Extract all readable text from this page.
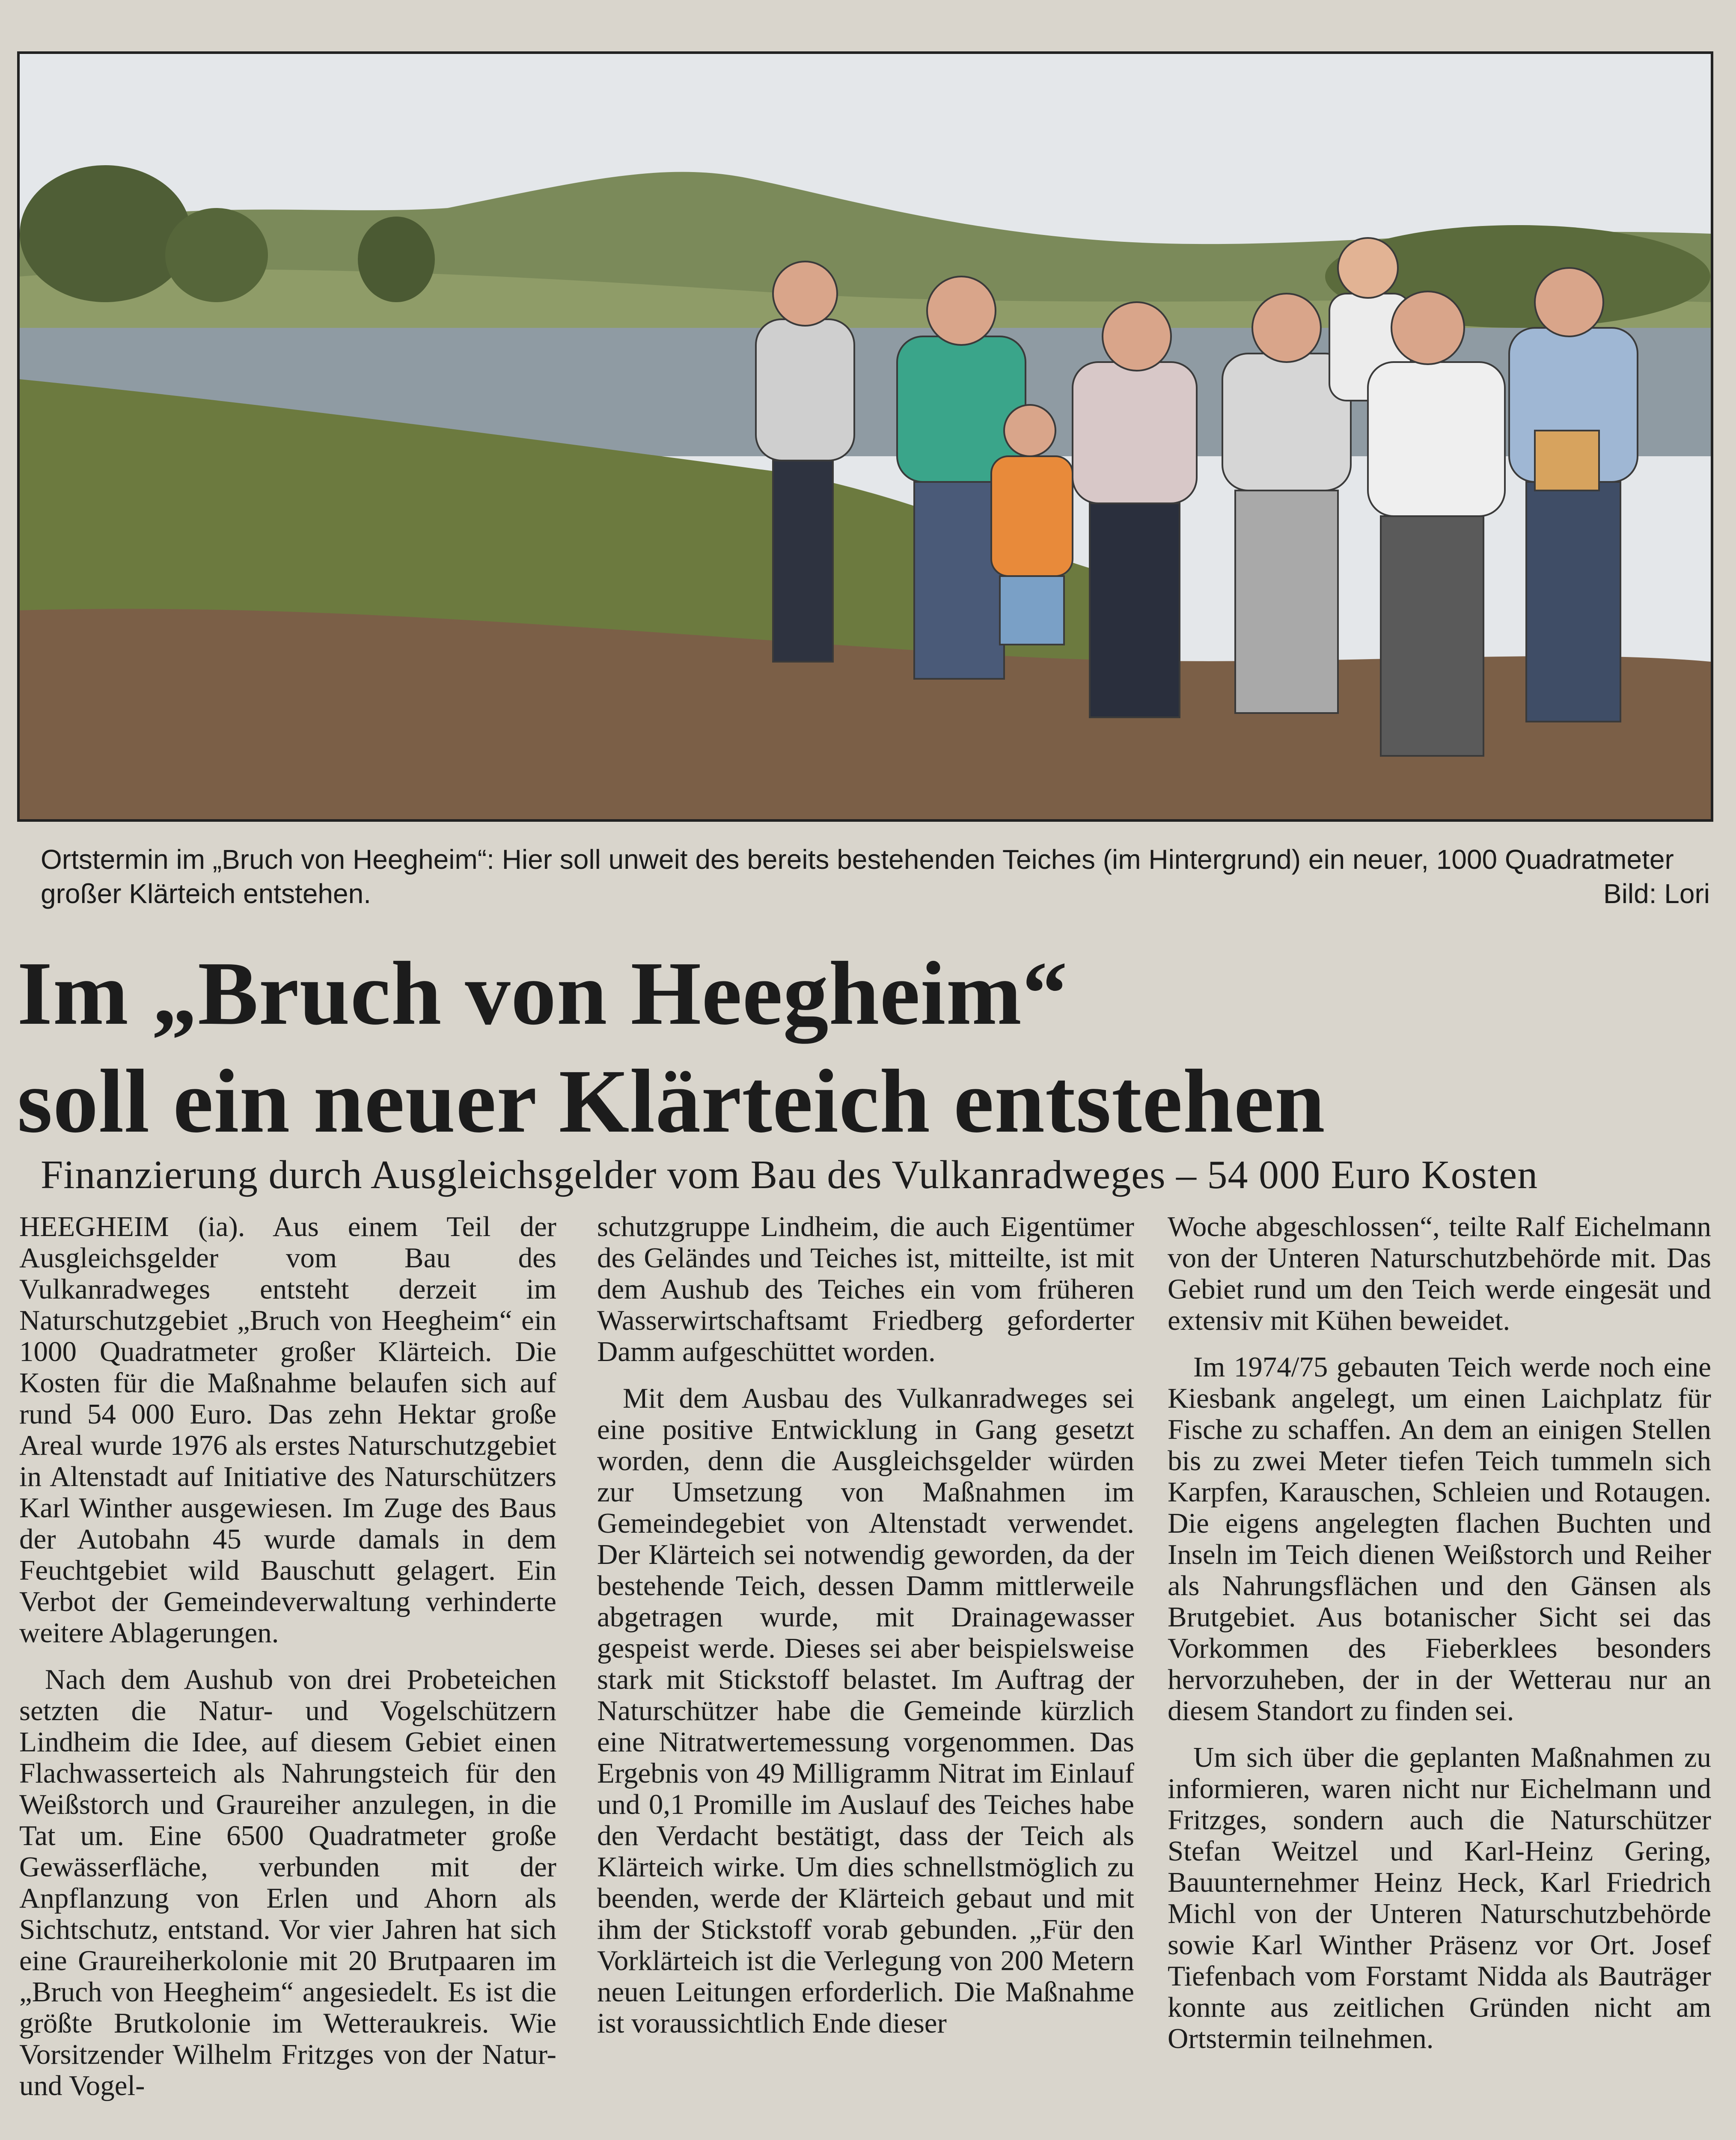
Ortstermin im „Bruch von Heegheim“: Hier soll unweit des bereits bestehenden Teiches (im Hintergrund) ein neuer, 1000 Quadratmeter großer Klärteich entstehen.	Bild: Lori
Im „Bruch von Heegheim“
soll ein neuer Klärteich entstehen
Finanzierung durch Ausgleichsgelder vom Bau des Vulkanradweges – 54 000 Euro Kosten

HEEGHEIM (ia). Aus einem Teil der Ausgleichsgelder vom Bau des Vulkanradweges entsteht derzeit im Naturschutzgebiet „Bruch von Heegheim“ ein 1000 Quadratmeter großer Klärteich. Die Kosten für die Maßnahme belaufen sich auf rund 54 000 Euro. Das zehn Hektar große Areal wurde 1976 als erstes Naturschutzgebiet in Altenstadt auf Initiative des Naturschützers Karl Winther ausgewiesen. Im Zuge des Baus der Autobahn 45 wurde damals in dem Feuchtgebiet wild Bauschutt gelagert. Ein Verbot der Gemeindeverwaltung verhinderte weitere Ablagerungen.

Nach dem Aushub von drei Probeteichen setzten die Natur- und Vogelschützern Lindheim die Idee, auf diesem Gebiet einen Flachwasserteich als Nahrungsteich für den Weißstorch und Graureiher anzulegen, in die Tat um. Eine 6500 Quadratmeter große Gewässerfläche, verbunden mit der Anpflanzung von Erlen und Ahorn als Sichtschutz, entstand. Vor vier Jahren hat sich eine Graureiherkolonie mit 20 Brutpaaren im „Bruch von Heegheim“ angesiedelt. Es ist die größte Brutkolonie im Wetteraukreis. Wie Vorsitzender Wilhelm Fritzges von der Natur- und Vogel-

schutzgruppe Lindheim, die auch Eigentümer des Geländes und Teiches ist, mitteilte, ist mit dem Aushub des Teiches ein vom früheren Wasserwirtschaftsamt Friedberg geforderter Damm aufgeschüttet worden.

Mit dem Ausbau des Vulkanradweges sei eine positive Entwicklung in Gang gesetzt worden, denn die Ausgleichsgelder würden zur Umsetzung von Maßnahmen im Gemeindegebiet von Altenstadt verwendet. Der Klärteich sei notwendig geworden, da der bestehende Teich, dessen Damm mittlerweile abgetragen wurde, mit Drainagewasser gespeist werde. Dieses sei aber beispielsweise stark mit Stickstoff belastet. Im Auftrag der Naturschützer habe die Gemeinde kürzlich eine Nitratwertemessung vorgenommen. Das Ergebnis von 49 Milligramm Nitrat im Einlauf und 0,1 Promille im Auslauf des Teiches habe den Verdacht bestätigt, dass der Teich als Klärteich wirke. Um dies schnellstmöglich zu beenden, werde der Klärteich gebaut und mit ihm der Stickstoff vorab gebunden. „Für den Vorklärteich ist die Verlegung von 200 Metern neuen Leitungen erforderlich. Die Maßnahme ist voraussichtlich Ende dieser

Woche abgeschlossen“, teilte Ralf Eichelmann von der Unteren Naturschutzbehörde mit. Das Gebiet rund um den Teich werde eingesät und extensiv mit Kühen beweidet.

Im 1974/75 gebauten Teich werde noch eine Kiesbank angelegt, um einen Laichplatz für Fische zu schaffen. An dem an einigen Stellen bis zu zwei Meter tiefen Teich tummeln sich Karpfen, Karauschen, Schleien und Rotaugen. Die eigens angelegten flachen Buchten und Inseln im Teich dienen Weißstorch und Reiher als Nahrungsflächen und den Gänsen als Brutgebiet. Aus botanischer Sicht sei das Vorkommen des Fieberklees besonders hervorzuheben, der in der Wetterau nur an diesem Standort zu finden sei.

Um sich über die geplanten Maßnahmen zu informieren, waren nicht nur Eichelmann und Fritzges, sondern auch die Naturschützer Stefan Weitzel und Karl-Heinz Gering, Bauunternehmer Heinz Heck, Karl Friedrich Michl von der Unteren Naturschutzbehörde sowie Karl Winther Präsenz vor Ort. Josef Tiefenbach vom Forstamt Nidda als Bauträger konnte aus zeitlichen Gründen nicht am Ortstermin teilnehmen.
